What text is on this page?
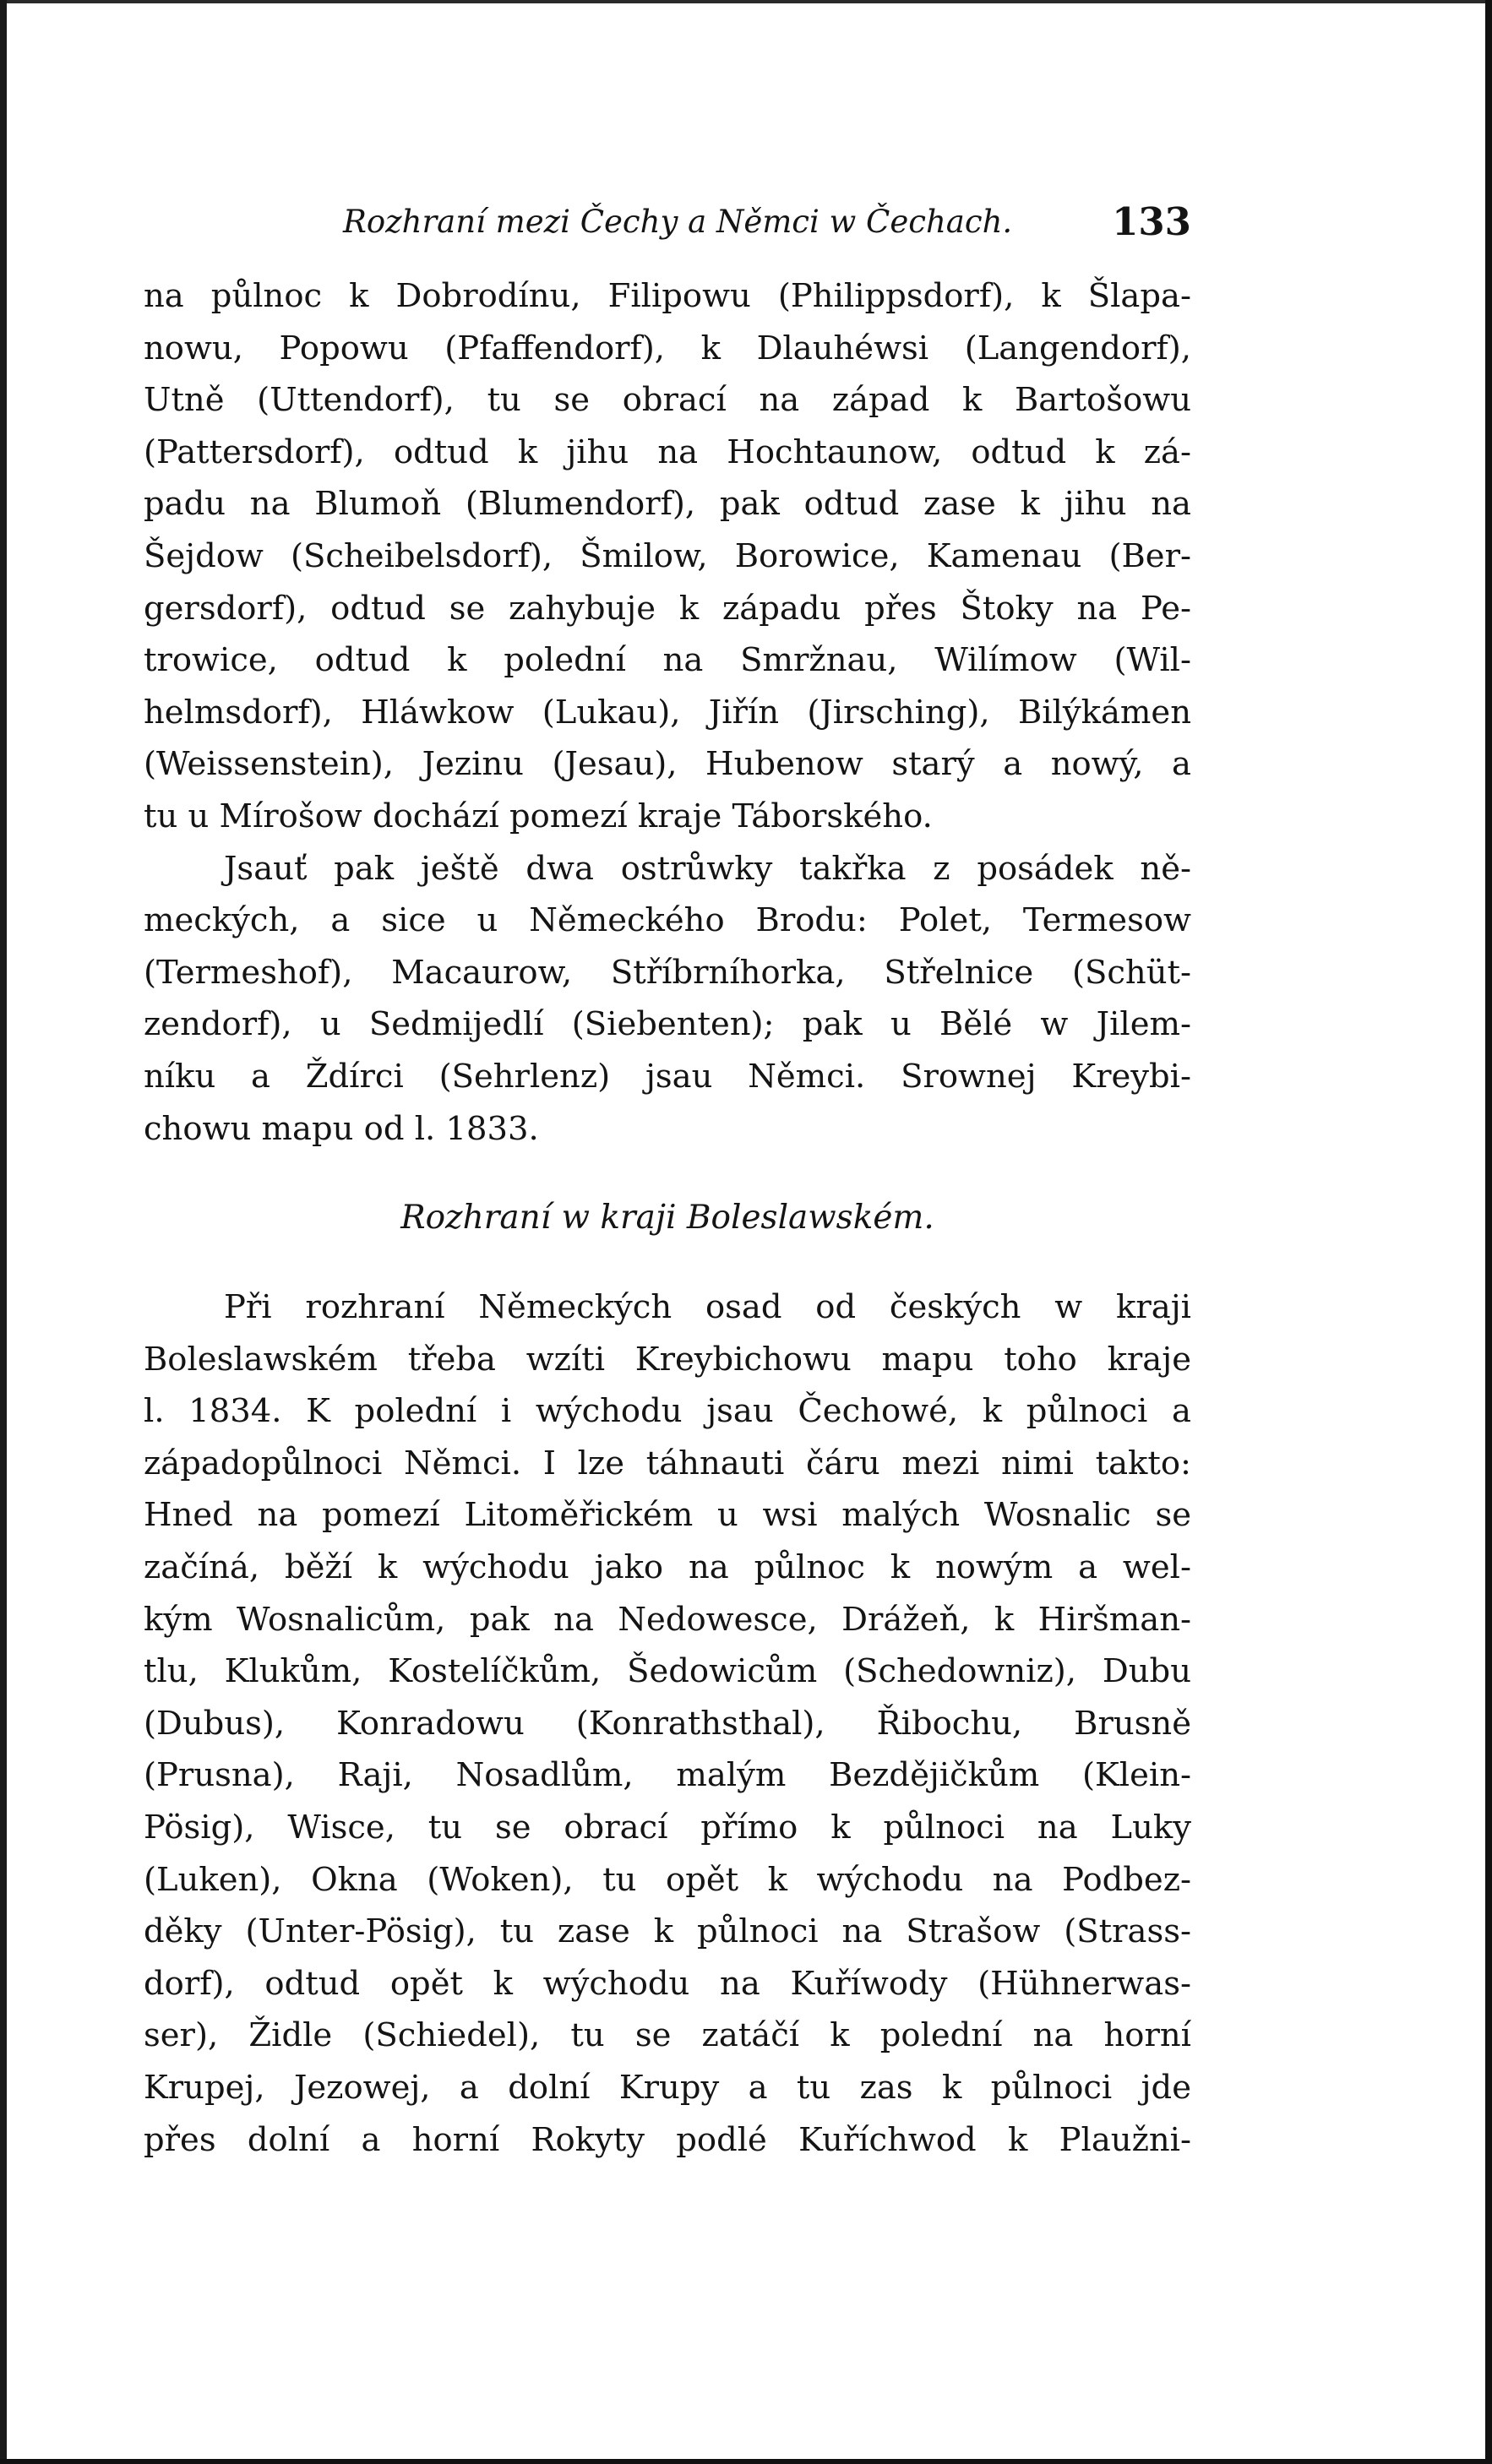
Rozhraní mezi Čechy a Němci w Čechach.	133
na půlnoc k Dobrodínu, Filipowu (Philippsdorf), k Šlapa-
nowu, Popowu (Pfaffendorf), k Dlauhéwsi (Langendorf),
Utně (Uttendorf), tu se obrací na západ k Bartošowu
(Pattersdorf), odtud k jihu na Hochtaunow, odtud k zá-
padu na Blumoň (Blumendorf), pak odtud zase k jihu na
Šejdow (Scheibelsdorf), Šmilow, Borowice, Kamenau (Ber-
gersdorf), odtud se zahybuje k západu přes Štoky na Pe-
trowice, odtud k polední na Smržnau, Wilímow (Wil-
helmsdorf), Hláwkow (Lukau), Jiřín (Jirsching), Bilýkámen
(Weissenstein), Jezinu (Jesau), Hubenow starý a nowý, a
tu u Mírošow dochází pomezí kraje Táborského.
Jsauť pak ještě dwa ostrůwky takřka z posádek ně-
meckých, a sice u Německého Brodu: Polet, Termesow
(Termeshof), Macaurow, Stříbrníhorka, Střelnice (Schüt-
zendorf), u Sedmijedlí (Siebenten); pak u Bělé w Jilem-
níku a Ždírci (Sehrlenz) jsau Němci. Srownej Kreybi-
chowu mapu od l. 1833.
Rozhraní w kraji Boleslawském.
Při rozhraní Německých osad od českých w kraji
Boleslawském třeba wzíti Kreybichowu mapu toho kraje
l. 1834. K polední i wýchodu jsau Čechowé, k půlnoci a
západopůlnoci Němci. I lze táhnauti čáru mezi nimi takto:
Hned na pomezí Litoměřickém u wsi malých Wosnalic se
začíná, běží k wýchodu jako na půlnoc k nowým a wel-
kým Wosnalicům, pak na Nedowesce, Drážeň, k Hiršman-
tlu, Klukům, Kostelíčkům, Šedowicům (Schedowniz), Dubu
(Dubus), Konradowu (Konrathsthal), Řibochu, Brusně
(Prusna), Raji, Nosadlům, malým Bezdějičkům (Klein-
Pösig), Wisce, tu se obrací přímo k půlnoci na Luky
(Luken), Okna (Woken), tu opět k wýchodu na Podbez-
děky (Unter-Pösig), tu zase k půlnoci na Strašow (Strass-
dorf), odtud opět k wýchodu na Kuříwody (Hühnerwas-
ser), Židle (Schiedel), tu se zatáčí k polední na horní
Krupej, Jezowej, a dolní Krupy a tu zas k půlnoci jde
přes dolní a horní Rokyty podlé Kuříchwod k Plaužni-
